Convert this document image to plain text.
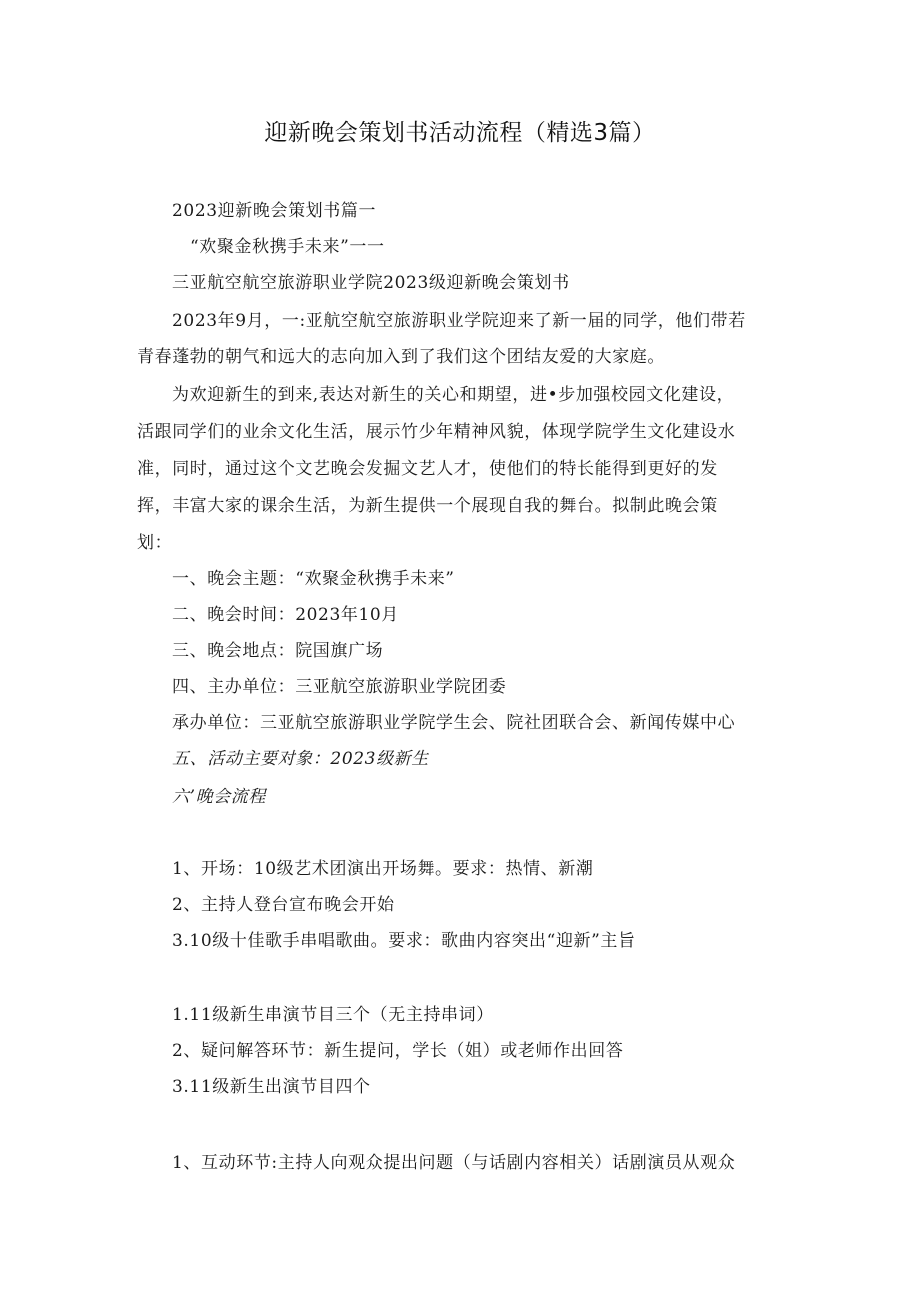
迎新晚会策划书活动流程（精选3篇）
2023迎新晚会策划书篇一
“欢聚金秋携手未来”一一
三亚航空航空旅游职业学院2023级迎新晚会策划书
2023年9月，一:亚航空航空旅游职业学院迎来了新一届的同学，他们带若
青春蓬勃的朝气和远大的志向加入到了我们这个团结友爱的大家庭。
为欢迎新生的到来,表达对新生的关心和期望，进•步加强校园文化建设，
活跟同学们的业余文化生活，展示竹少年精神风貌，体现学院学生文化建设水
准，同时，通过这个文艺晚会发掘文艺人才，使他们的特长能得到更好的发
挥，丰富大家的课余生活，为新生提供一个展现自我的舞台。拟制此晚会策
划：
一、晚会主题：“欢聚金秋携手未来”
二、晚会时间：2023年10月
三、晚会地点：院国旗广场
四、主办单位：三亚航空旅游职业学院团委
承办单位：三亚航空旅游职业学院学生会、院社团联合会、新闻传媒中心
五、活动主要对象：2023级新生
六’晚会流程
1、开场：10级艺术团演出开场舞。要求：热情、新潮
2、主持人登台宣布晚会开始
3.10级十佳歌手串唱歌曲。要求：歌曲内容突出“迎新”主旨
1.11级新生串演节目三个（无主持串词）
2、疑问解答环节：新生提问，学长（姐）或老师作出回答
3.11级新生出演节目四个
1、互动环节:主持人向观众提出问题（与话剧内容相关）话剧演员从观众
